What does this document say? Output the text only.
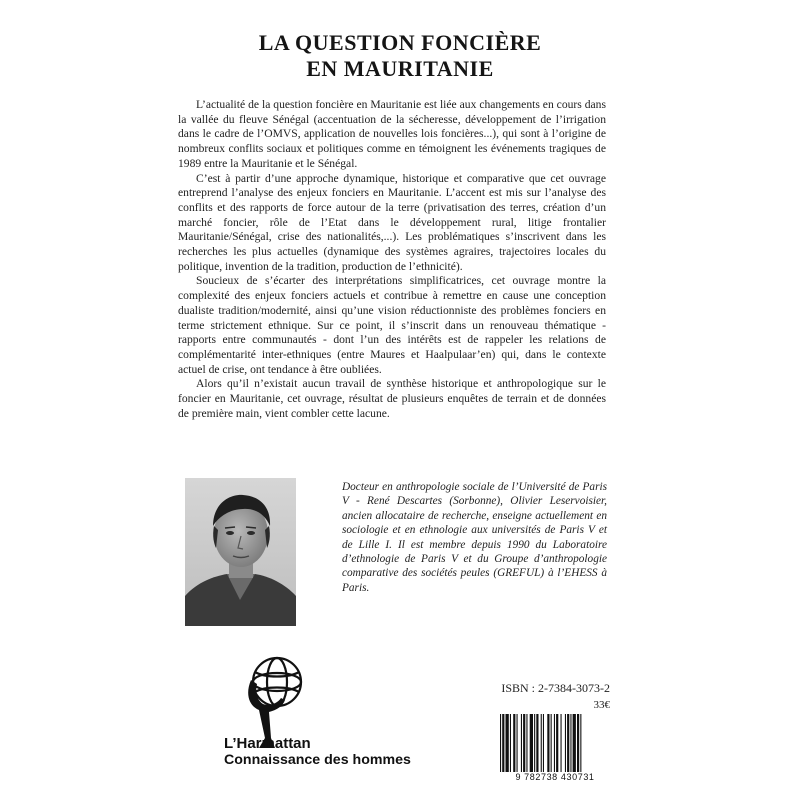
LA QUESTION FONCIÈRE
EN MAURITANIE

L’actualité de la question foncière en Mauritanie est liée aux changements en cours dans la vallée du fleuve Sénégal (accentuation de la sécheresse, développement de l’irrigation dans le cadre de l’OMVS, application de nouvelles lois foncières...), qui sont à l’origine de nombreux conflits sociaux et politiques comme en témoignent les événements tragiques de 1989 entre la Mauritanie et le Sénégal.

C’est à partir d’une approche dynamique, historique et comparative que cet ouvrage entreprend l’analyse des enjeux fonciers en Mauritanie. L’accent est mis sur l’analyse des conflits et des rapports de force autour de la terre (privatisation des terres, création d’un marché foncier, rôle de l’Etat dans le développement rural, litige frontalier Mauritanie/Sénégal, crise des nationalités,...). Les problématiques s’inscrivent dans les recherches les plus actuelles (dynamique des systèmes agraires, trajectoires locales du politique, invention de la tradition, production de l’ethnicité).

Soucieux de s’écarter des interprétations simplificatrices, cet ouvrage montre la complexité des enjeux fonciers actuels et contribue à remettre en cause une conception dualiste tradition/modernité, ainsi qu’une vision réductionniste des problèmes fonciers en terme strictement ethnique. Sur ce point, il s’inscrit dans un renouveau thématique - rapports entre communautés - dont l’un des intérêts est de rappeler les relations de complémentarité inter-ethniques (entre Maures et Haalpulaar’en) qui, dans le contexte actuel de crise, ont tendance à être oubliées.

Alors qu’il n’existait aucun travail de synthèse historique et anthropologique sur le foncier en Mauritanie, cet ouvrage, résultat de plusieurs enquêtes de terrain et de données de première main, vient combler cette lacune.

Docteur en anthropologie sociale de l’Université de Paris V - René Descartes (Sorbonne), Olivier Leservoisier, ancien allocataire de recherche, enseigne actuellement en sociologie et en ethnologie aux universités de Paris V et de Lille I. Il est membre depuis 1990 du Laboratoire d’ethnologie de Paris V et du Groupe d’anthropologie comparative des sociétés peules (GREFUL) à l’EHESS à Paris.
L’Harmattan
Connaissance des hommes
ISBN : 2-7384-3073-2
33€
9 782738 430731
